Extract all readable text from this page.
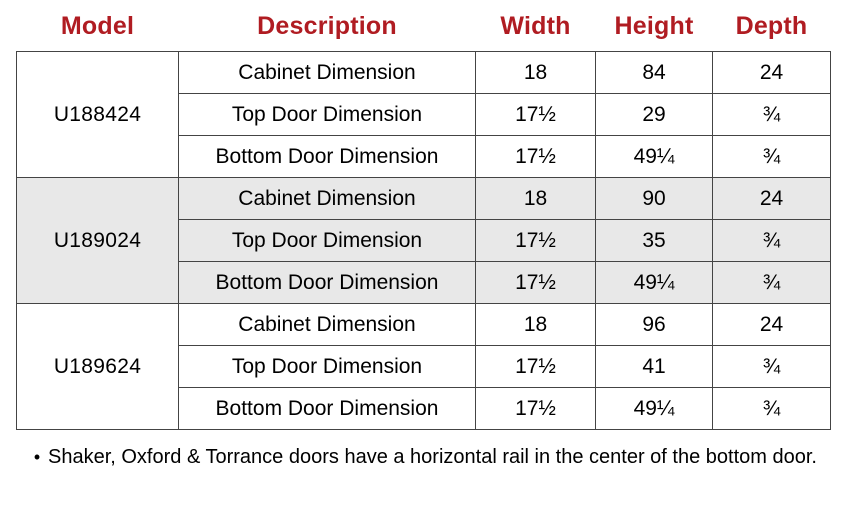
Model	Description	Width	Height	Depth
U188424	Cabinet Dimension	18	84	24
	Top Door Dimension	17½	29	¾
	Bottom Door Dimension	17½	49¼	¾
U189024	Cabinet Dimension	18	90	24
	Top Door Dimension	17½	35	¾
	Bottom Door Dimension	17½	49¼	¾
U189624	Cabinet Dimension	18	96	24
	Top Door Dimension	17½	41	¾
	Bottom Door Dimension	17½	49¼	¾
• Shaker, Oxford & Torrance doors have a horizontal rail in the center of the bottom door.
